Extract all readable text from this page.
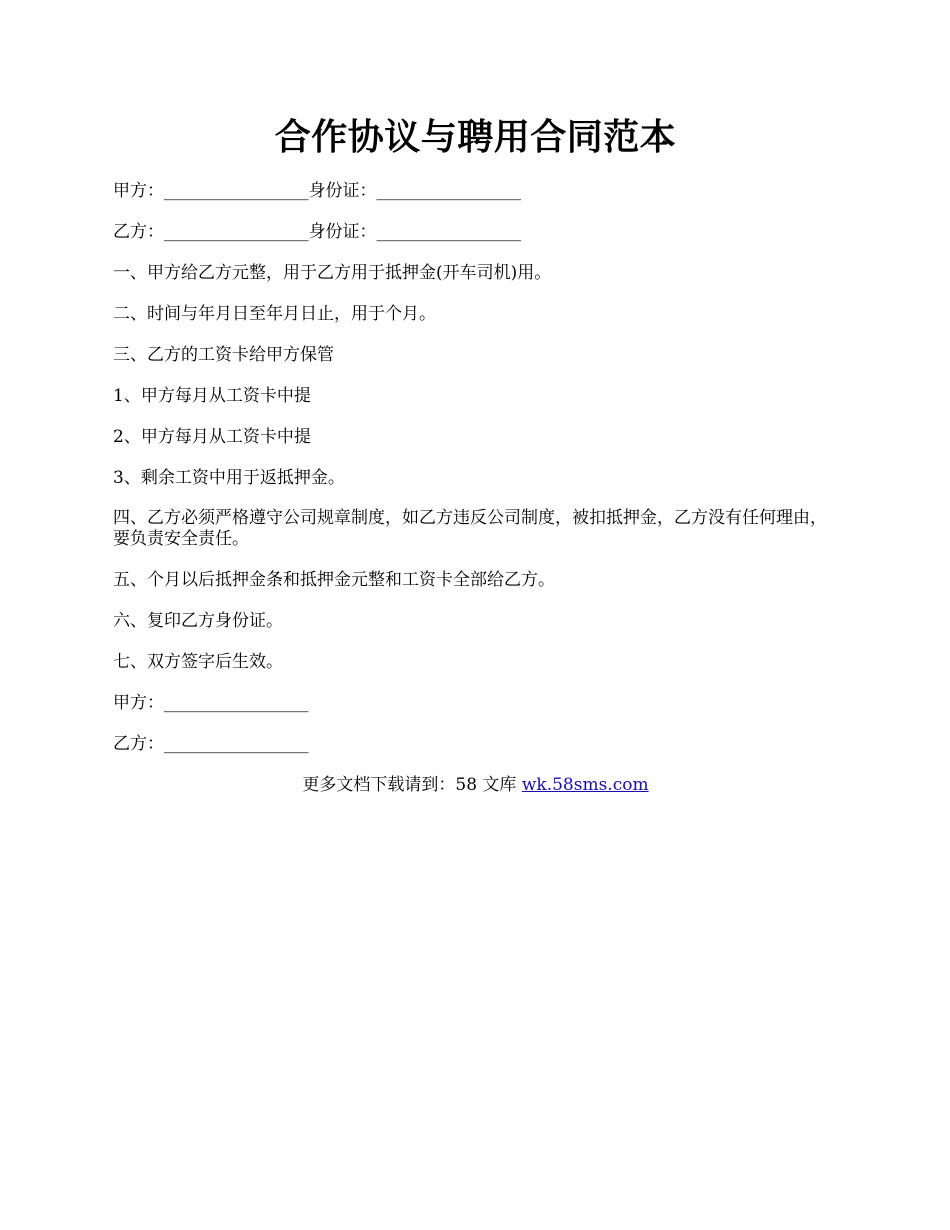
合作协议与聘用合同范本
甲方：_________________身份证：_________________
乙方：_________________身份证：_________________
一、甲方给乙方元整，用于乙方用于抵押金(开车司机)用。
二、时间与年月日至年月日止，用于个月。
三、乙方的工资卡给甲方保管
1、甲方每月从工资卡中提
2、甲方每月从工资卡中提
3、剩余工资中用于返抵押金。
四、乙方必须严格遵守公司规章制度，如乙方违反公司制度，被扣抵押金，乙方没有任何理由，要负责安全责任。
五、个月以后抵押金条和抵押金元整和工资卡全部给乙方。
六、复印乙方身份证。
七、双方签字后生效。
甲方：_________________
乙方：_________________
更多文档下载请到：58 文库 wk.58sms.com
